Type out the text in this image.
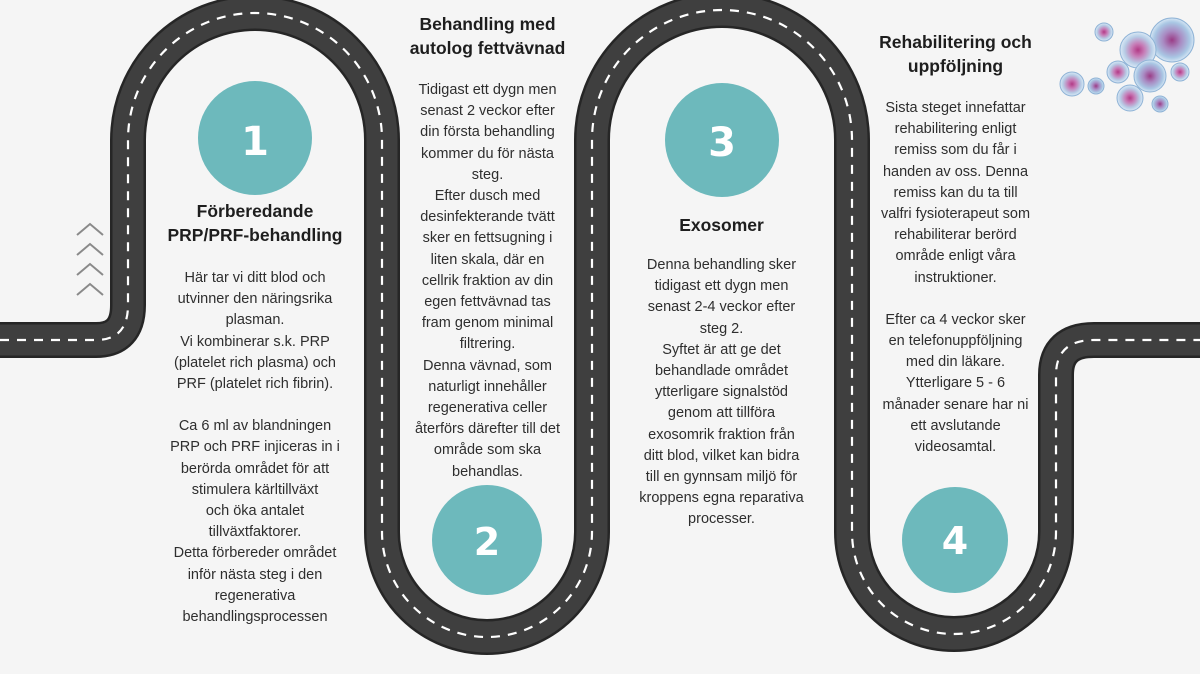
1
2
3
4
Förberedande
PRP/PRF-behandling

Här tar vi ditt blod och
utvinner den näringsrika
plasman.
Vi kombinerar s.k. PRP
(platelet rich plasma) och
PRF (platelet rich fibrin).

Ca 6 ml av blandningen
PRP och PRF injiceras in i
berörda området för att
stimulera kärltillväxt
och öka antalet
tillväxtfaktorer.
Detta förbereder området
inför nästa steg i den
regenerativa
behandlingsprocessen

Behandling med
autolog fettvävnad

Tidigast ett dygn men
senast 2 veckor efter
din första behandling
kommer du för nästa
steg.
Efter dusch med
desinfekterande tvätt
sker en fettsugning i
liten skala, där en
cellrik fraktion av din
egen fettvävnad tas
fram genom minimal
filtrering.
Denna vävnad, som
naturligt innehåller
regenerativa celler
återförs därefter till det
område som ska
behandlas.

Exosomer

Denna behandling sker
tidigast ett dygn men
senast 2-4 veckor efter
steg 2.
Syftet är att ge det
behandlade området
ytterligare signalstöd
genom att tillföra
exosomrik fraktion från
ditt blod, vilket kan bidra
till en gynnsam miljö för
kroppens egna reparativa
processer.

Rehabilitering och
uppföljning

Sista steget innefattar
rehabilitering enligt
remiss som du får i
handen av oss. Denna
remiss kan du ta till
valfri fysioterapeut som
rehabiliterar berörd
område enligt våra
instruktioner.

Efter ca 4 veckor sker
en telefonuppföljning
med din läkare.
Ytterligare 5 - 6
månader senare har ni
ett avslutande
videosamtal.
